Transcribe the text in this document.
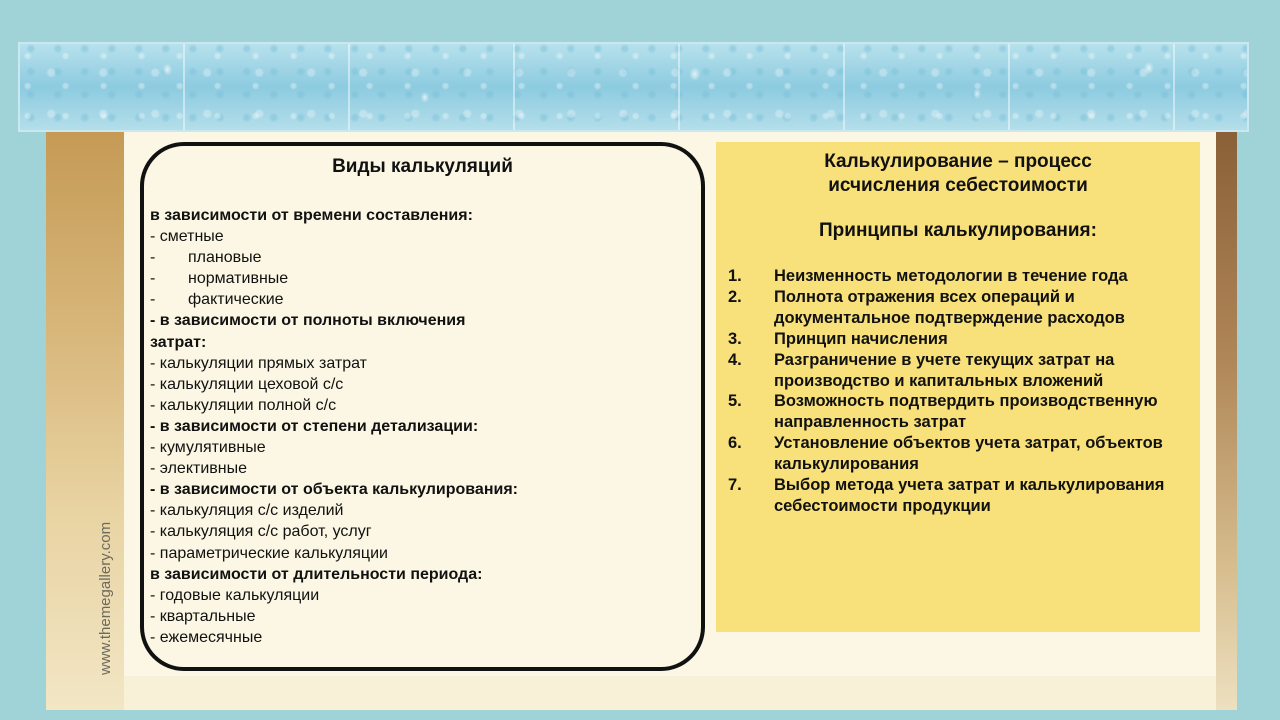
www.themegallery.com
Виды калькуляций
в зависимости от времени составления:
- сметные
- плановые
- нормативные
- фактические
- в зависимости от полноты включения
затрат:
- калькуляции прямых затрат
- калькуляции цеховой с/с
- калькуляции полной с/с
- в зависимости от степени детализации:
- кумулятивные
- элективные
- в зависимости от объекта калькулирования:
- калькуляция с/с изделий
- калькуляция с/с работ, услуг
- параметрические калькуляции
в зависимости от длительности периода:
- годовые калькуляции
- квартальные
- ежемесячные
Калькулирование – процесс
исчисления себестоимости
Принципы калькулирования:
1.	Неизменность методологии в течение года
2.	Полнота отражения всех операций и документальное подтверждение расходов
3.	Принцип начисления
4.	Разграничение в учете текущих затрат на производство и капитальных вложений
5.	Возможность подтвердить производственную направленность затрат
6.	Установление объектов учета затрат, объектов калькулирования
7.	Выбор метода учета затрат и калькулирования себестоимости продукции
